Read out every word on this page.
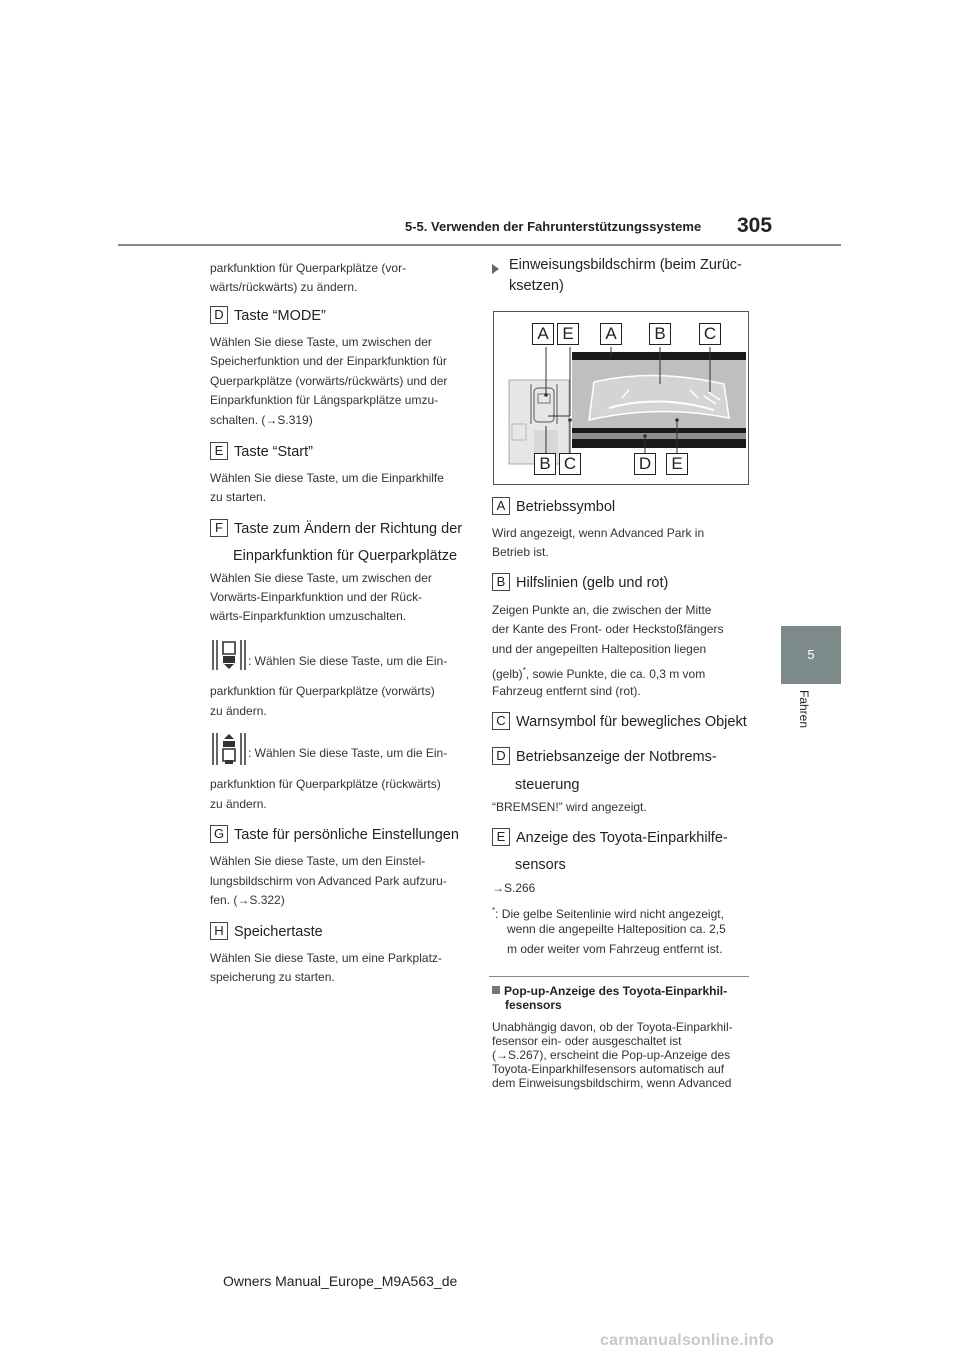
5-5. Verwenden der Fahrunterstützungssysteme 305
5
Fahren
parkfunktion für Querparkplätze (vor-
wärts/rückwärts) zu ändern.
D Taste “MODE”
Wählen Sie diese Taste, um zwischen der
Speicherfunktion und der Einparkfunktion für
Querparkplätze (vorwärts/rückwärts) und der
Einparkfunktion für Längsparkplätze umzu-
schalten. (→S.319)
E Taste “Start”
Wählen Sie diese Taste, um die Einparkhilfe
zu starten.
F Taste zum Ändern der Richtung der
Einparkfunktion für Querparkplätze
Wählen Sie diese Taste, um zwischen der
Vorwärts-Einparkfunktion und der Rück-
wärts-Einparkfunktion umzuschalten.
: Wählen Sie diese Taste, um die Ein-
parkfunktion für Querparkplätze (vorwärts)
zu ändern.
: Wählen Sie diese Taste, um die Ein-
parkfunktion für Querparkplätze (rückwärts)
zu ändern.
G Taste für persönliche Einstellungen
Wählen Sie diese Taste, um den Einstel-
lungsbildschirm von Advanced Park aufzuru-
fen. (→S.322)
H Speichertaste
Wählen Sie diese Taste, um eine Parkplatz-
speicherung zu starten.
Einweisungsbildschirm (beim Zurüc-
ksetzen)
A E	A	B	C
B C	D	E
A Betriebssymbol
Wird angezeigt, wenn Advanced Park in
Betrieb ist.
B Hilfslinien (gelb und rot)
Zeigen Punkte an, die zwischen der Mitte
der Kante des Front- oder Heckstoßfängers
und der angepeilten Halteposition liegen
(gelb)*, sowie Punkte, die ca. 0,3 m vom
Fahrzeug entfernt sind (rot).
C Warnsymbol für bewegliches Objekt
D Betriebsanzeige der Notbrems-
steuerung
“BREMSEN!” wird angezeigt.
E Anzeige des Toyota-Einparkhilfe-
sensors
→S.266
*: Die gelbe Seitenlinie wird nicht angezeigt,
wenn die angepeilte Halteposition ca. 2,5
m oder weiter vom Fahrzeug entfernt ist.
Pop-up-Anzeige des Toyota-Einparkhil-
fesensors
Unabhängig davon, ob der Toyota-Einparkhil-
fesensor ein- oder ausgeschaltet ist
(→S.267), erscheint die Pop-up-Anzeige des
Toyota-Einparkhilfesensors automatisch auf
dem Einweisungsbildschirm, wenn Advanced
Owners Manual_Europe_M9A563_de
carmanualsonline.info
